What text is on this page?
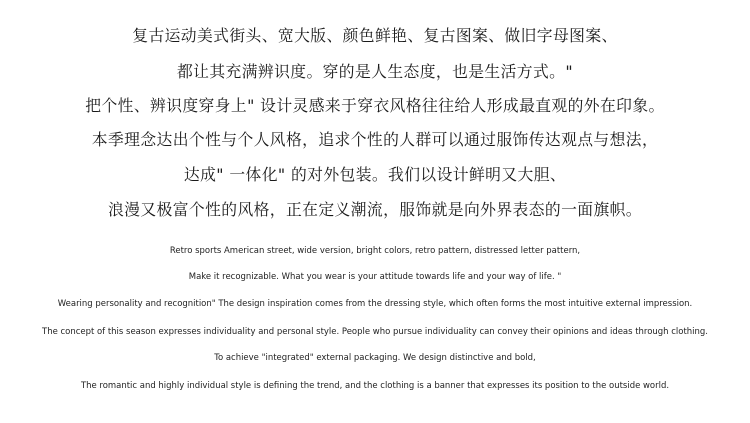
复古运动美式街头、宽大版、颜色鲜艳、复古图案、做旧字母图案、
都让其充满辨识度。穿的是人生态度，也是生活方式。"
把个性、辨识度穿身上" 设计灵感来于穿衣风格往往给人形成最直观的外在印象。
本季理念达出个性与个人风格，追求个性的人群可以通过服饰传达观点与想法，
达成" 一体化" 的对外包装。我们以设计鲜明又大胆、
浪漫又极富个性的风格，正在定义潮流，服饰就是向外界表态的一面旗帜。
Retro sports American street, wide version, bright colors, retro pattern, distressed letter pattern,
Make it recognizable. What you wear is your attitude towards life and your way of life. "
Wearing personality and recognition" The design inspiration comes from the dressing style, which often forms the most intuitive external impression.
The concept of this season expresses individuality and personal style. People who pursue individuality can convey their opinions and ideas through clothing.
To achieve "integrated" external packaging. We design distinctive and bold,
The romantic and highly individual style is defining the trend, and the clothing is a banner that expresses its position to the outside world.
